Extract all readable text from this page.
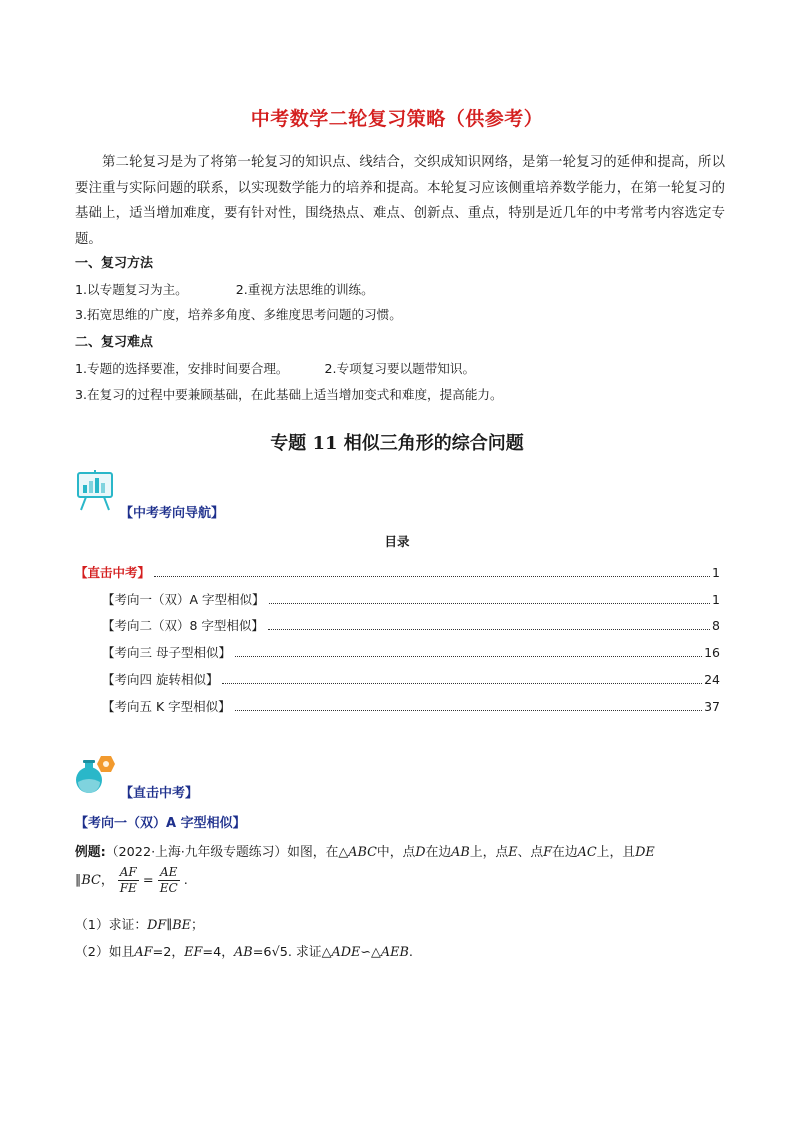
中考数学二轮复习策略（供参考）

第二轮复习是为了将第一轮复习的知识点、线结合，交织成知识网络，是第一轮复习的延伸和提高，所以要注重与实际问题的联系，以实现数学能力的培养和提高。本轮复习应该侧重培养数学能力，在第一轮复习的基础上，适当增加难度，要有针对性，围绕热点、难点、创新点、重点，特别是近几年的中考常考内容选定专题。

一、复习方法
1.以专题复习为主。	2.重视方法思维的训练。
3.拓宽思维的广度，培养多角度、多维度思考问题的习惯。
二、复习难点
1.专题的选择要准，安排时间要合理。	2.专项复习要以题带知识。
3.在复习的过程中要兼顾基础，在此基础上适当增加变式和难度，提高能力。
专题 11 相似三角形的综合问题
【中考考向导航】
目录
【直击中考】	1
【考向一（双）A 字型相似】	1
【考向二（双）8 字型相似】	8
【考向三 母子型相似】	16
【考向四 旋转相似】	24
【考向五 K 字型相似】	37
【直击中考】
【考向一（双）A 字型相似】
例题:（2022·上海·九年级专题练习）如图，在△ABC中，点D在边AB上，点E、点F在边AC上，且DE
∥BC， $\frac{AF}{FE} = \frac{AE}{EC}$ .
（1）求证：DF∥BE；
（2）如且AF=2，EF=4，AB=6√5. 求证△ADE∽△AEB.
